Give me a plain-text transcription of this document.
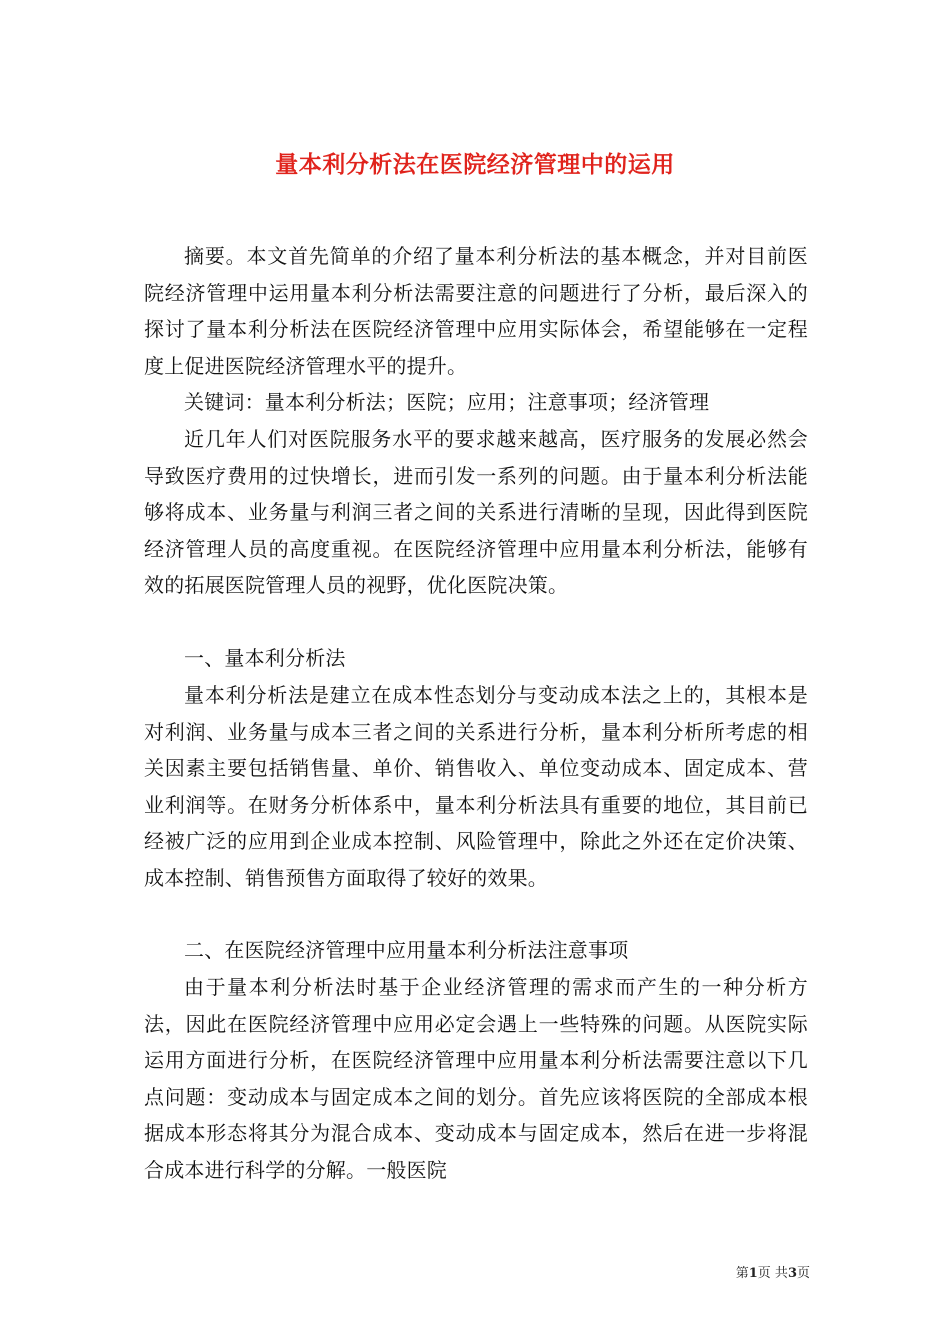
量本利分析法在医院经济管理中的运用

摘要。本文首先简单的介绍了量本利分析法的基本概念，并对目前医院经济管理中运用量本利分析法需要注意的问题进行了分析，最后深入的探讨了量本利分析法在医院经济管理中应用实际体会，希望能够在一定程度上促进医院经济管理水平的提升。

关键词：量本利分析法；医院；应用；注意事项；经济管理

近几年人们对医院服务水平的要求越来越高，医疗服务的发展必然会导致医疗费用的过快增长，进而引发一系列的问题。由于量本利分析法能够将成本、业务量与利润三者之间的关系进行清晰的呈现，因此得到医院经济管理人员的高度重视。在医院经济管理中应用量本利分析法，能够有效的拓展医院管理人员的视野，优化医院决策。

一、量本利分析法

量本利分析法是建立在成本性态划分与变动成本法之上的，其根本是对利润、业务量与成本三者之间的关系进行分析，量本利分析所考虑的相关因素主要包括销售量、单价、销售收入、单位变动成本、固定成本、营业利润等。在财务分析体系中，量本利分析法具有重要的地位，其目前已经被广泛的应用到企业成本控制、风险管理中，除此之外还在定价决策、成本控制、销售预售方面取得了较好的效果。

二、在医院经济管理中应用量本利分析法注意事项

由于量本利分析法时基于企业经济管理的需求而产生的一种分析方法，因此在医院经济管理中应用必定会遇上一些特殊的问题。从医院实际运用方面进行分析，在医院经济管理中应用量本利分析法需要注意以下几点问题：变动成本与固定成本之间的划分。首先应该将医院的全部成本根据成本形态将其分为混合成本、变动成本与固定成本，然后在进一步将混合成本进行科学的分解。一般医院

第1页 共3页
